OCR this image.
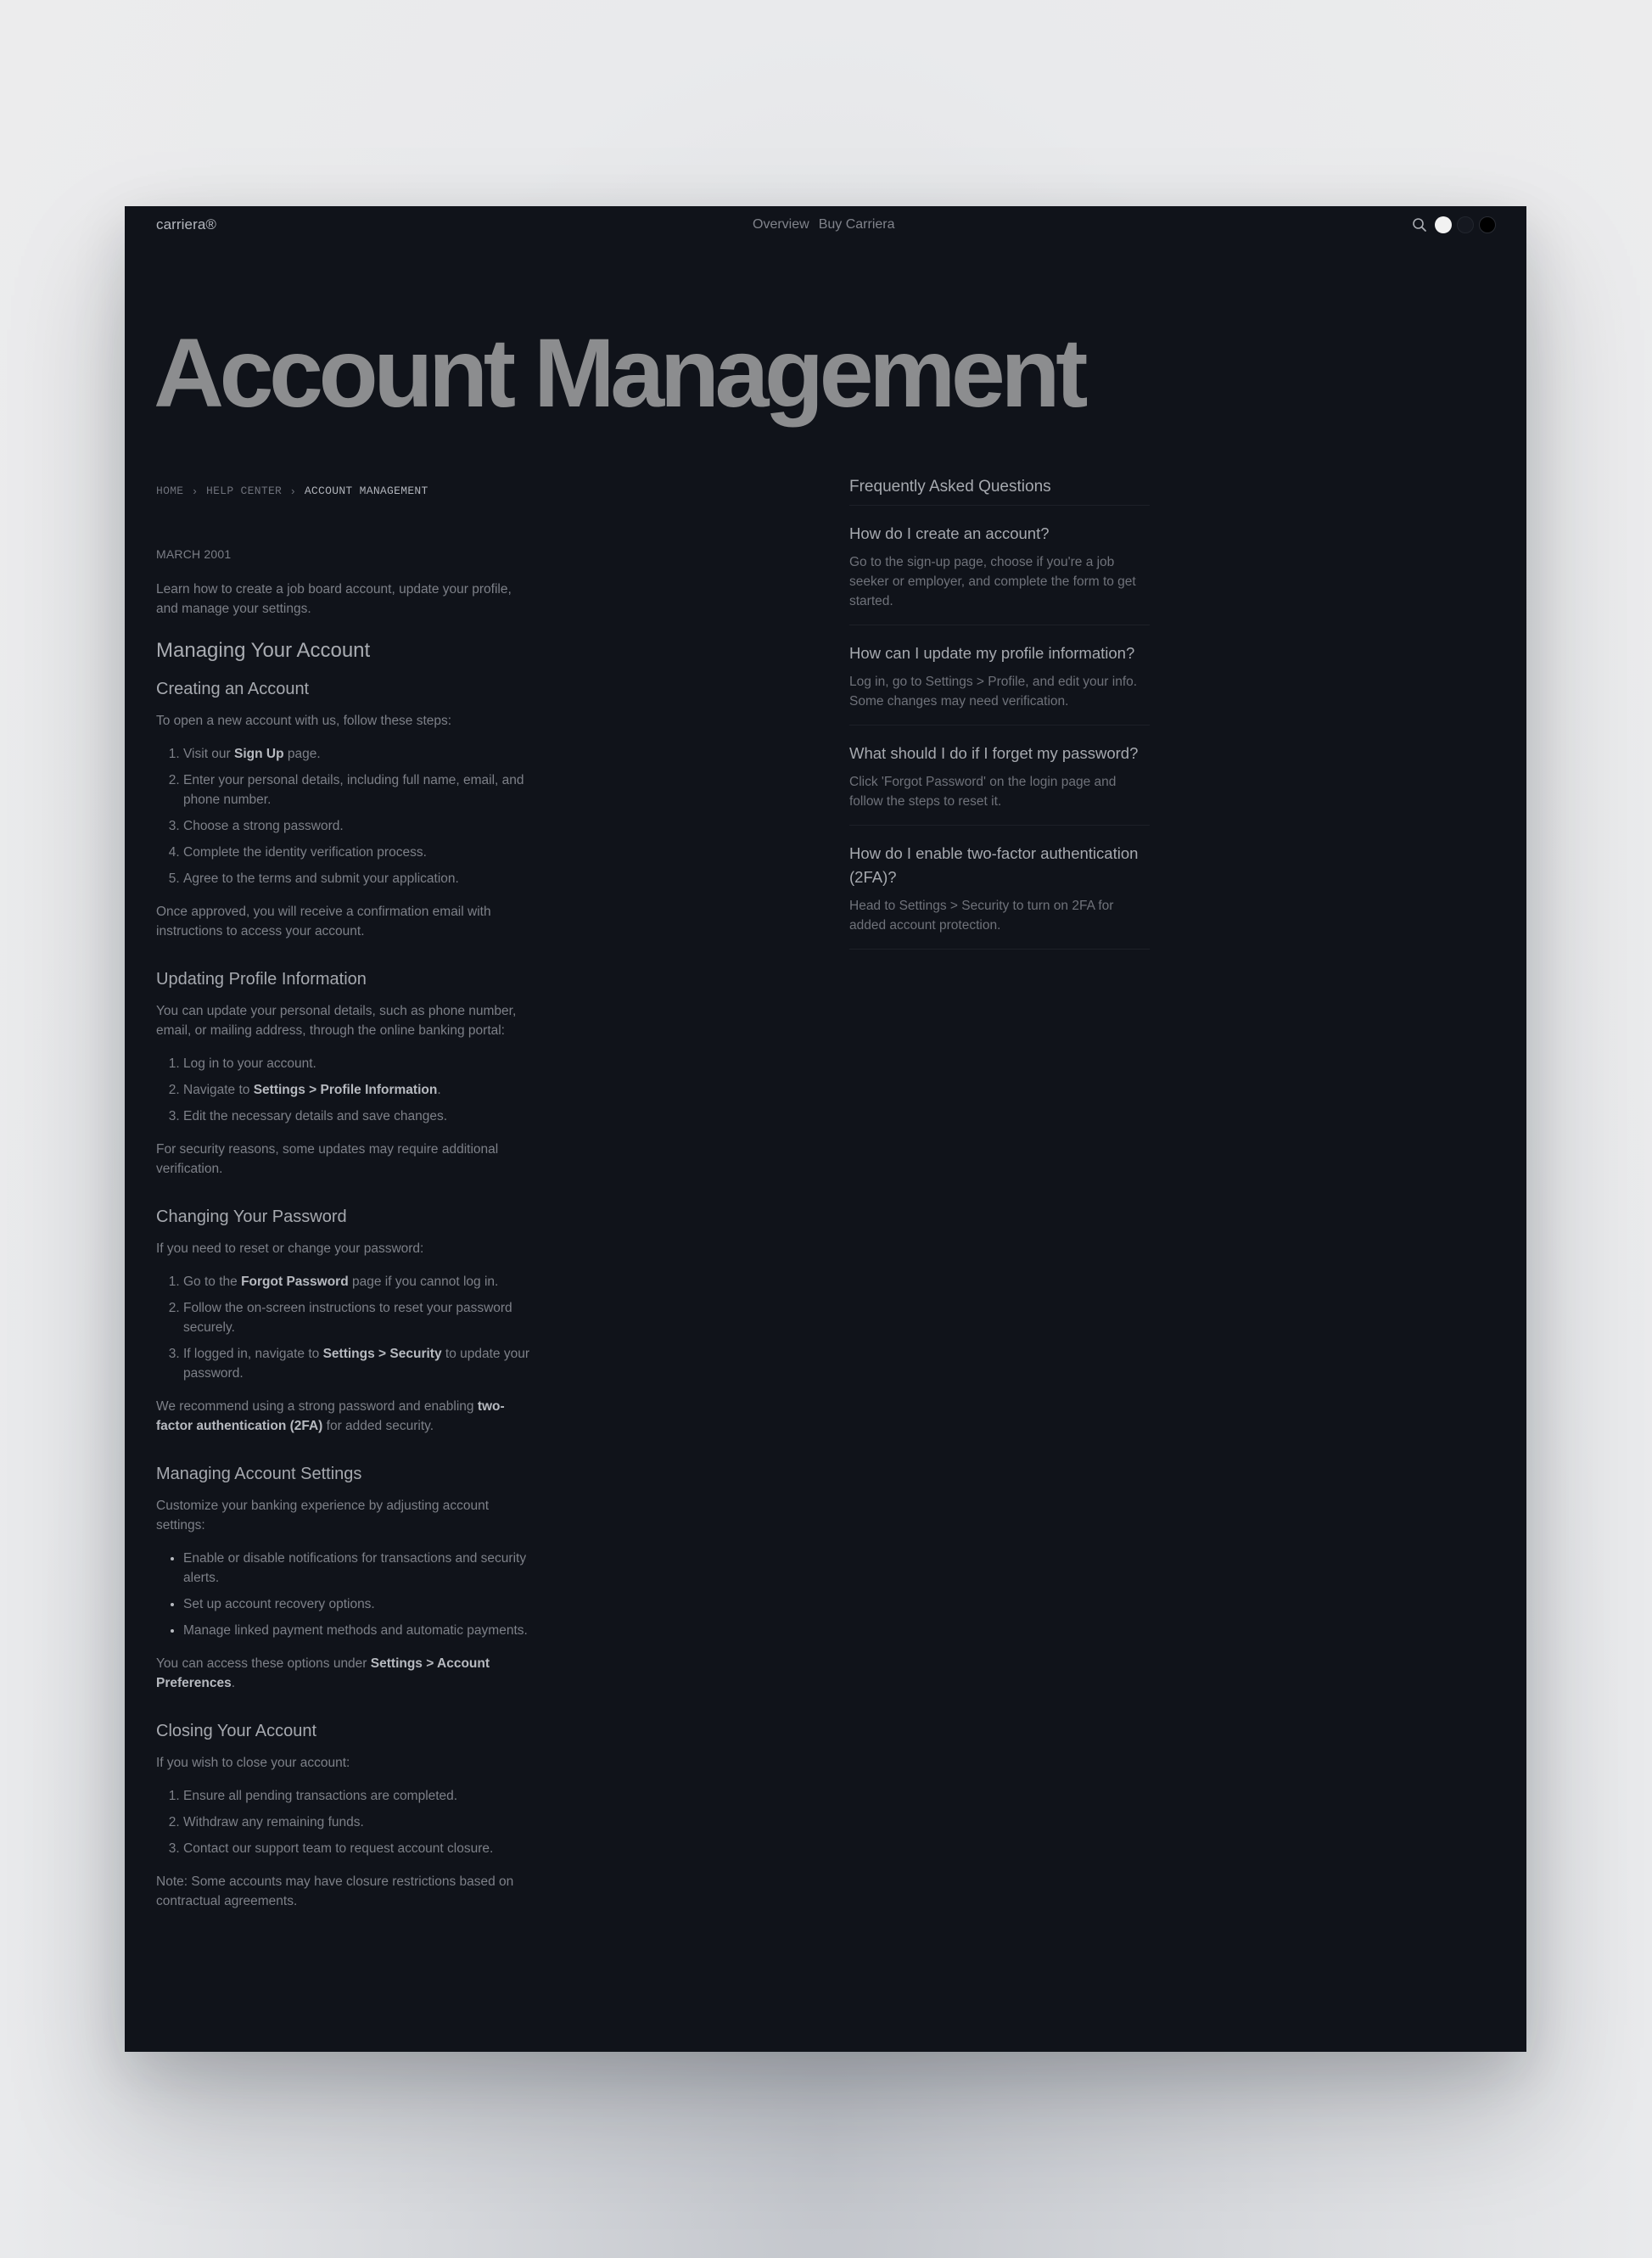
carriera®	Overview Buy Carriera
Account Management
HOME › HELP CENTER › ACCOUNT MANAGEMENT
MARCH 2001

Learn how to create a job board account, update your profile, and manage your settings.

Managing Your Account
Creating an Account

To open a new account with us, follow these steps:

1. Visit our Sign Up page.
2. Enter your personal details, including full name, email, and phone number.
3. Choose a strong password.
4. Complete the identity verification process.
5. Agree to the terms and submit your application.

Once approved, you will receive a confirmation email with instructions to access your account.

Updating Profile Information

You can update your personal details, such as phone number, email, or mailing address, through the online banking portal:

1. Log in to your account.
2. Navigate to Settings > Profile Information.
3. Edit the necessary details and save changes.

For security reasons, some updates may require additional verification.

Changing Your Password

If you need to reset or change your password:

1. Go to the Forgot Password page if you cannot log in.
2. Follow the on-screen instructions to reset your password securely.
3. If logged in, navigate to Settings > Security to update your password.

We recommend using a strong password and enabling two-factor authentication (2FA) for added security.

Managing Account Settings

Customize your banking experience by adjusting account settings:

• Enable or disable notifications for transactions and security alerts.
• Set up account recovery options.
• Manage linked payment methods and automatic payments.

You can access these options under Settings > Account Preferences.

Closing Your Account

If you wish to close your account:

1. Ensure all pending transactions are completed.
2. Withdraw any remaining funds.
3. Contact our support team to request account closure.

Note: Some accounts may have closure restrictions based on contractual agreements.

Frequently Asked Questions
How do I create an account?
Go to the sign-up page, choose if you're a job seeker or employer, and complete the form to get started.
How can I update my profile information?
Log in, go to Settings > Profile, and edit your info. Some changes may need verification.
What should I do if I forget my password?
Click 'Forgot Password' on the login page and follow the steps to reset it.
How do I enable two-factor authentication (2FA)?
Head to Settings > Security to turn on 2FA for added account protection.
